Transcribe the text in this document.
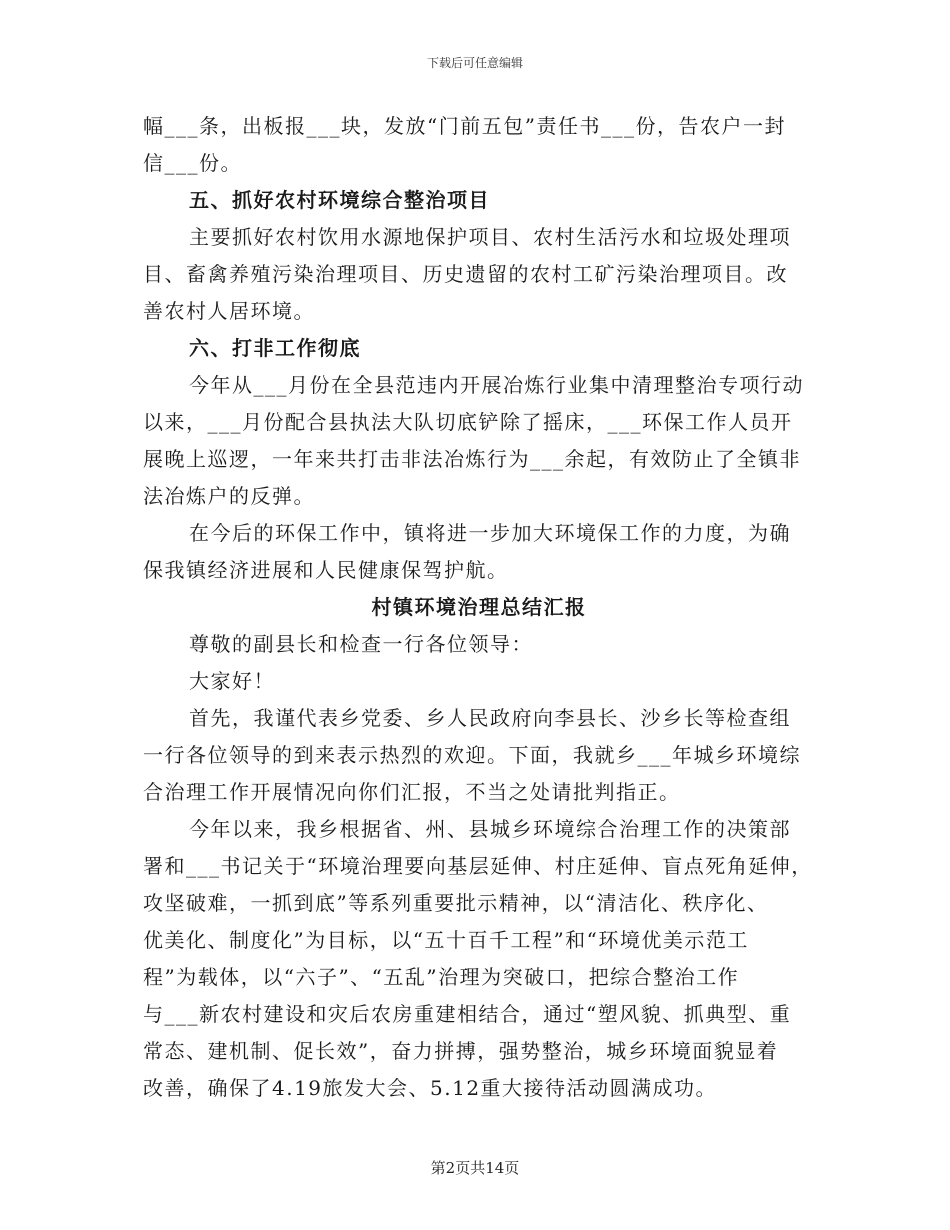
下载后可任意编辑
幅___条，出板报___块，发放“门前五包”责任书___份，告农户一封
信___份。
五、抓好农村环境综合整治项目
主要抓好农村饮用水源地保护项目、农村生活污水和垃圾处理项
目、畜禽养殖污染治理项目、历史遗留的农村工矿污染治理项目。改
善农村人居环境。
六、打非工作彻底
今年从___月份在全县范违内开展冶炼行业集中清理整治专项行动
以来，___月份配合县执法大队切底铲除了摇床，___环保工作人员开
展晚上巡逻，一年来共打击非法冶炼行为___余起，有效防止了全镇非
法冶炼户的反弹。
在今后的环保工作中，镇将进一步加大环境保工作的力度，为确
保我镇经济进展和人民健康保驾护航。
村镇环境治理总结汇报
尊敬的副县长和检查一行各位领导：
大家好！
首先，我谨代表乡党委、乡人民政府向李县长、沙乡长等检查组
一行各位领导的到来表示热烈的欢迎。下面，我就乡___年城乡环境综
合治理工作开展情况向你们汇报，不当之处请批判指正。
今年以来，我乡根据省、州、县城乡环境综合治理工作的决策部
署和___书记关于“环境治理要向基层延伸、村庄延伸、盲点死角延伸，
攻坚破难，一抓到底”等系列重要批示精神，以“清洁化、秩序化、
优美化、制度化”为目标，以“五十百千工程”和“环境优美示范工
程”为载体，以“六子”、“五乱”治理为突破口，把综合整治工作
与___新农村建设和灾后农房重建相结合，通过“塑风貌、抓典型、重
常态、建机制、促长效”，奋力拼搏，强势整治，城乡环境面貌显着
改善，确保了4.19旅发大会、5.12重大接待活动圆满成功。
第2页共14页
